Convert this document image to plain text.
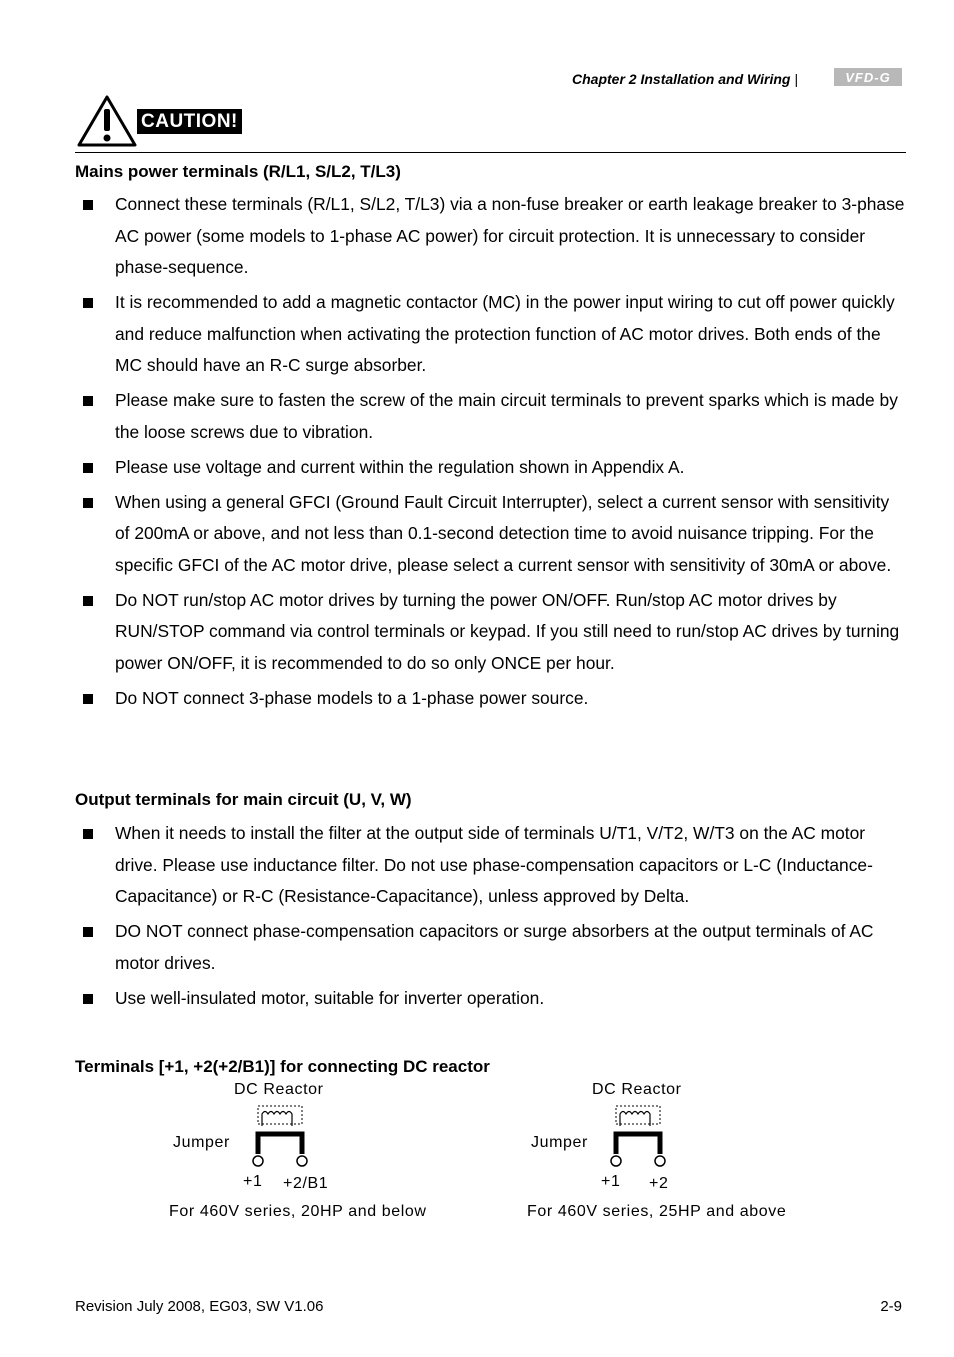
Chapter 2 Installation and Wiring |	VFD-G
CAUTION!
Mains power terminals (R/L1, S/L2, T/L3)
Connect these terminals (R/L1, S/L2, T/L3) via a non-fuse breaker or earth leakage breaker to 3-phase AC power (some models to 1-phase AC power) for circuit protection. It is unnecessary to consider phase-sequence.
It is recommended to add a magnetic contactor (MC) in the power input wiring to cut off power quickly and reduce malfunction when activating the protection function of AC motor drives. Both ends of the MC should have an R-C surge absorber.
Please make sure to fasten the screw of the main circuit terminals to prevent sparks which is made by the loose screws due to vibration.
Please use voltage and current within the regulation shown in Appendix A.
When using a general GFCI (Ground Fault Circuit Interrupter), select a current sensor with sensitivity of 200mA or above, and not less than 0.1-second detection time to avoid nuisance tripping. For the specific GFCI of the AC motor drive, please select a current sensor with sensitivity of 30mA or above.
Do NOT run/stop AC motor drives by turning the power ON/OFF. Run/stop AC motor drives by RUN/STOP command via control terminals or keypad. If you still need to run/stop AC drives by turning power ON/OFF, it is recommended to do so only ONCE per hour.
Do NOT connect 3-phase models to a 1-phase power source.
Output terminals for main circuit (U, V, W)
When it needs to install the filter at the output side of terminals U/T1, V/T2, W/T3 on the AC motor drive. Please use inductance filter. Do not use phase-compensation capacitors or L-C (Inductance-Capacitance) or R-C (Resistance-Capacitance), unless approved by Delta.
DO NOT connect phase-compensation capacitors or surge absorbers at the output terminals of AC motor drives.
Use well-insulated motor, suitable for inverter operation.
Terminals [+1, +2(+2/B1)] for connecting DC reactor
DC Reactor
Jumper
+1 +2/B1
For 460V series, 20HP and below
DC Reactor
Jumper
+1 +2
For 460V series, 25HP and above
Revision July 2008, EG03, SW V1.06	2-9
